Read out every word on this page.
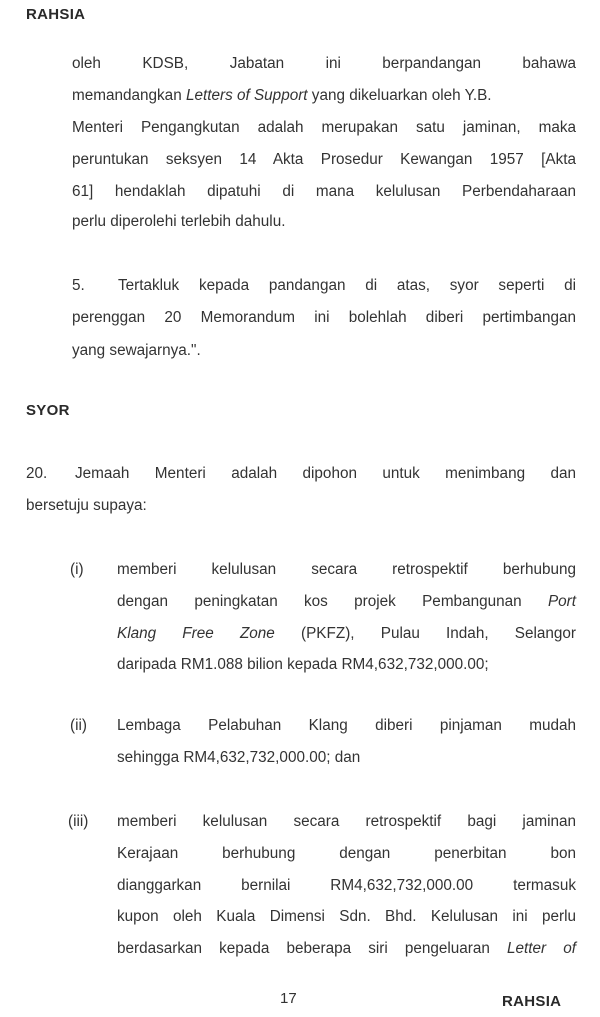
RAHSIA
oleh KDSB, Jabatan ini berpandangan bahawa
memandangkan Letters of Support yang dikeluarkan oleh Y.B.
Menteri Pengangkutan adalah merupakan satu jaminan, maka
peruntukan seksyen 14 Akta Prosedur Kewangan 1957 [Akta
61] hendaklah dipatuhi di mana kelulusan Perbendaharaan
perlu diperolehi terlebih dahulu.
5. Tertakluk kepada pandangan di atas, syor seperti di
perenggan 20 Memorandum ini bolehlah diberi pertimbangan
yang sewajarnya.".
SYOR
20. Jemaah Menteri adalah dipohon untuk menimbang dan
bersetuju supaya:
(i) memberi kelulusan secara retrospektif berhubung
dengan peningkatan kos projek Pembangunan Port
Klang Free Zone (PKFZ), Pulau Indah, Selangor
daripada RM1.088 bilion kepada RM4,632,732,000.00;
(ii) Lembaga Pelabuhan Klang diberi pinjaman mudah
sehingga RM4,632,732,000.00; dan
(iii) memberi kelulusan secara retrospektif bagi jaminan
Kerajaan berhubung dengan penerbitan bon
dianggarkan bernilai RM4,632,732,000.00 termasuk
kupon oleh Kuala Dimensi Sdn. Bhd. Kelulusan ini perlu
berdasarkan kepada beberapa siri pengeluaran Letter of
17	RAHSIA
